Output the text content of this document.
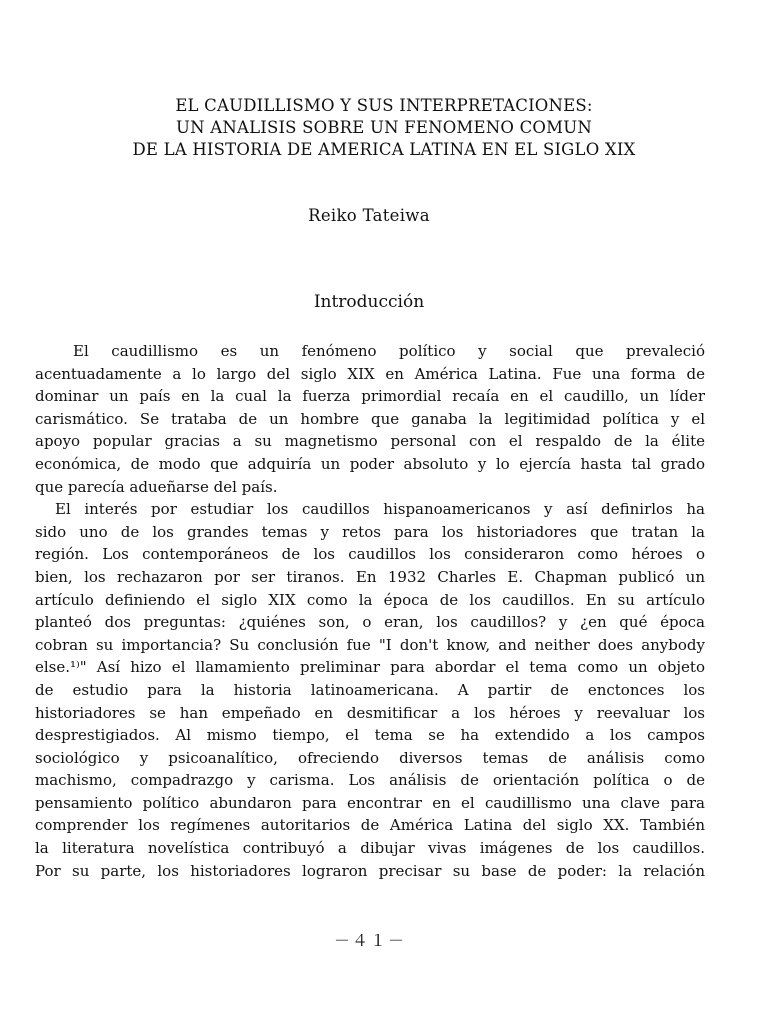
EL CAUDILLISMO Y SUS INTERPRETACIONES:
UN ANALISIS SOBRE UN FENOMENO COMUN
DE LA HISTORIA DE AMERICA LATINA EN EL SIGLO XIX
Reiko Tateiwa
Introducción
El caudillismo es un fenómeno político y social que prevaleció
acentuadamente a lo largo del siglo XIX en América Latina. Fue una forma de
dominar un país en la cual la fuerza primordial recaía en el caudillo, un líder
carismático. Se trataba de un hombre que ganaba la legitimidad política y el
apoyo popular gracias a su magnetismo personal con el respaldo de la élite
económica, de modo que adquiría un poder absoluto y lo ejercía hasta tal grado
que parecía adueñarse del país.
El interés por estudiar los caudillos hispanoamericanos y así definirlos ha
sido uno de los grandes temas y retos para los historiadores que tratan la
región. Los contemporáneos de los caudillos los consideraron como héroes o
bien, los rechazaron por ser tiranos. En 1932 Charles E. Chapman publicó un
artículo definiendo el siglo XIX como la época de los caudillos. En su artículo
planteó dos preguntas: ¿quiénes son, o eran, los caudillos? y ¿en qué época
cobran su importancia? Su conclusión fue "I don't know, and neither does anybody
else.¹⁾" Así hizo el llamamiento preliminar para abordar el tema como un objeto
de estudio para la historia latinoamericana. A partir de enctonces los
historiadores se han empeñado en desmitificar a los héroes y reevaluar los
desprestigiados. Al mismo tiempo, el tema se ha extendido a los campos
sociológico y psicoanalítico, ofreciendo diversos temas de análisis como
machismo, compadrazgo y carisma. Los análisis de orientación política o de
pensamiento político abundaron para encontrar en el caudillismo una clave para
comprender los regímenes autoritarios de América Latina del siglo XX. También
la literatura novelística contribuyó a dibujar vivas imágenes de los caudillos.
Por su parte, los historiadores lograron precisar su base de poder: la relación
－４１－
